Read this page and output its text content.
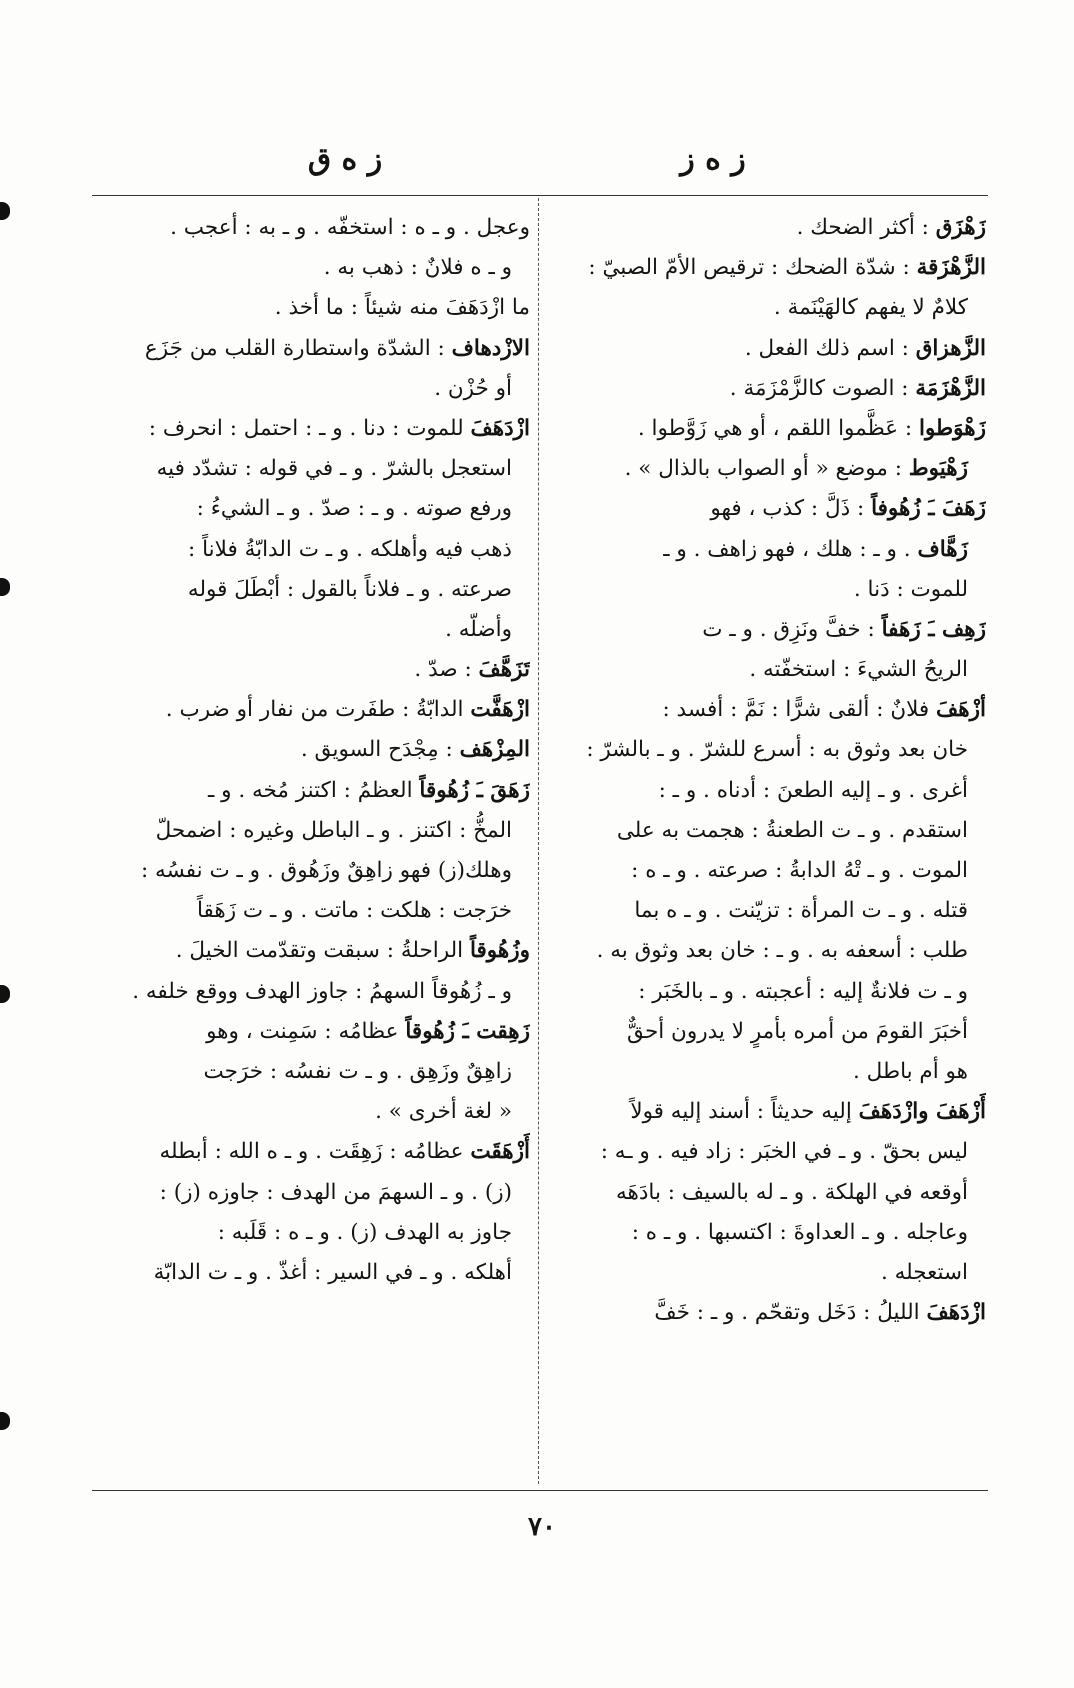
ز ه ز
ز ه ق
زَهْزَق : أكثر الضحك .
الزَّهْزَقة : شدّة الضحك : ترقيص الأمّ الصبيّ :
كلامٌ لا يفهم كالهَيْنَمة .
الزَّهزاق : اسم ذلك الفعل .
الزَّهْزَمَة : الصوت كالزَّمْزَمَة .
زَهْوَطوا : عَظَّموا اللقم ، أو هي زَوَّطوا .
زَهْيَوط : موضع « أو الصواب بالذال » .
زَهَفَ ـَ زُهُوفاً : ذَلَّ : كذب ، فهو
زَهَّاف . و ـ : هلك ، فهو زاهف . و ـ
للموت : دَنا .
زَهِف ـَ زَهَفاً : خفَّ ونَزِق . و ـ ت
الريحُ الشيءَ : استخفّته .
أزْهَفَ فلانٌ : ألقى شرًّا : نَمَّ : أفسد :
خان بعد وثوق به : أسرع للشرّ . و ـ بالشرّ :
أغرى . و ـ إليه الطعنَ : أدناه . و ـ :
استقدم . و ـ ت الطعنةُ : هجمت به على
الموت . و ـ تْهُ الدابةُ : صرعته . و ـ ه :
قتله . و ـ ت المرأة : تزيّنت . و ـ ه بما
طلب : أسعفه به . و ـ : خان بعد وثوق به .
و ـ ت فلانةٌ إليه : أعجبته . و ـ بالخَبَر :
أخبَرَ القومَ من أمره بأمرٍ لا يدرون أحقٌّ
هو أم باطل .
أَزْهَفَ وازْدَهَفَ إليه حديثاً : أسند إليه قولاً
ليس بحقّ . و ـ في الخبَر : زاد فيه . و ـه :
أوقعه في الهلكة . و ـ له بالسيف : بادَهَه
وعاجله . و ـ العداوةَ : اكتسبها . و ـ ه :
استعجله .
ازْدَهَفَ الليلُ : دَخَل وتقحّم . و ـ : خَفَّ
وعجل . و ـ ه : استخفّه . و ـ به : أعجب .
و ـ ه فلانٌ : ذهب به .
ما ازْدَهَفَ منه شيئاً : ما أخذ .
الازْدهاف : الشدّة واستطارة القلب من جَزَع
أو حُزْن .
ازْدَهَفَ للموت : دنا . و ـ : احتمل : انحرف :
استعجل بالشرّ . و ـ في قوله : تشدّد فيه
ورفع صوته . و ـ : صدّ . و ـ الشيءُ :
ذهب فيه وأهلكه . و ـ ت الدابّةُ فلاناً :
صرعته . و ـ فلاناً بالقول : أبْطَلَ قوله
وأضلّه .
تَزَهَّفَ : صدّ .
ازْهَفَّت الدابّةُ : طفَرت من نفار أو ضرب .
المِزْهَف : مِجْدَح السويق .
زَهَقَ ـَ زُهُوقاً العظمُ : اكتنز مُخه . و ـ
المخُّ : اكتنز . و ـ الباطل وغيره : اضمحلّ
وهلك(ز) فهو زاهِقٌ وزَهُوق . و ـ ت نفسُه :
خرَجت : هلكت : ماتت . و ـ ت زَهَقاً
وزُهُوقاً الراحلةُ : سبقت وتقدّمت الخيلَ .
و ـ زُهُوقاً السهمُ : جاوز الهدف ووقع خلفه .
زَهِقت ـَ زُهُوقاً عظامُه : سَمِنت ، وهو
زاهِقٌ وزَهِق . و ـ ت نفسُه : خرَجت
« لغة أخرى » .
أَزْهَقَت عظامُه : زَهِقَت . و ـ ه الله : أبطله
(ز) . و ـ السهمَ من الهدف : جاوزه (ز) :
جاوز به الهدف (ز) . و ـ ه : قَلَبه :
أهلكه . و ـ في السير : أغذّ . و ـ ت الدابّة
٧٠
